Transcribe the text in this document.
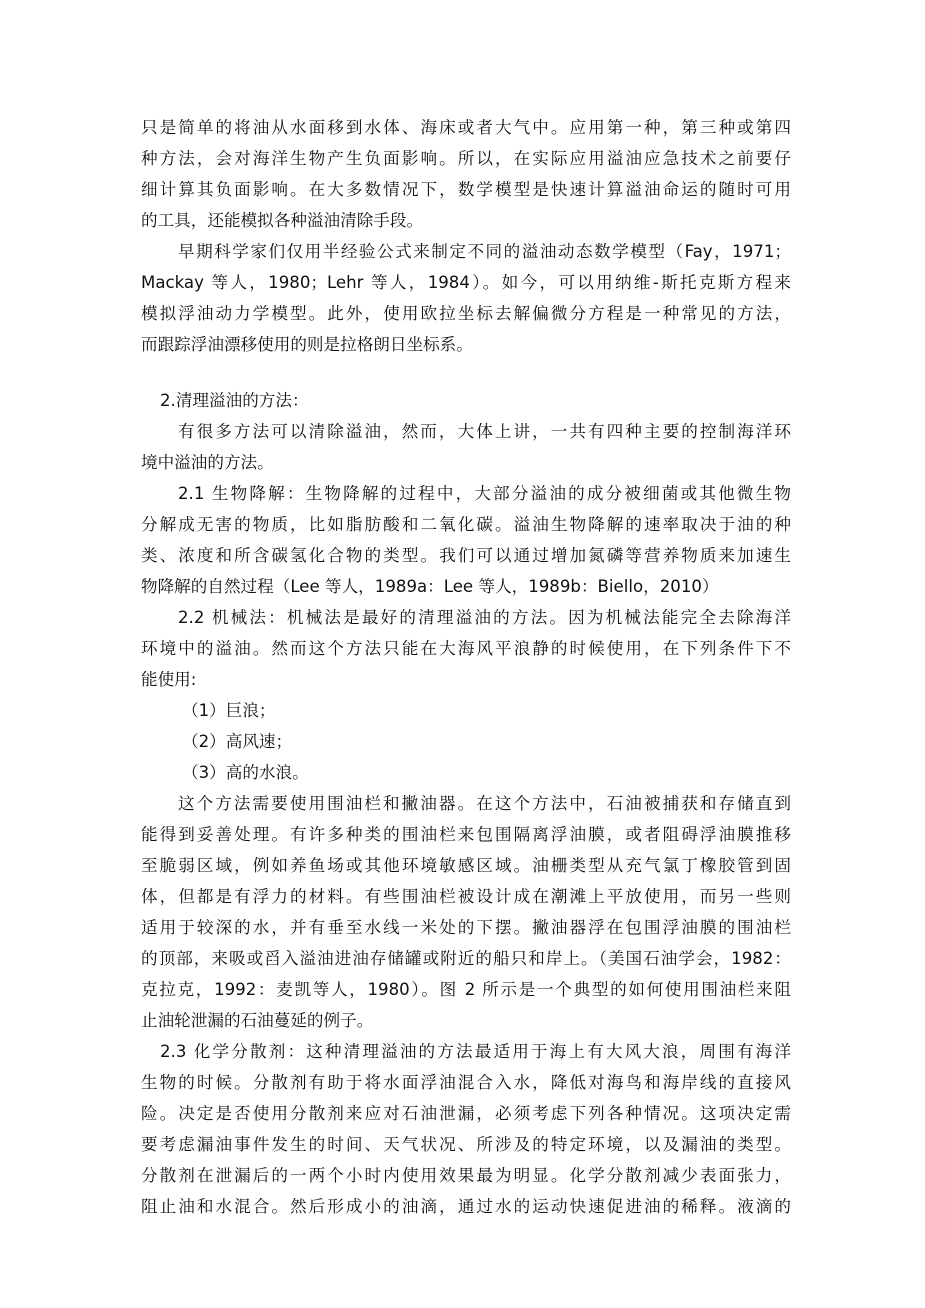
只是简单的将油从水面移到水体、海床或者大气中。应用第一种，第三种或第四
种方法，会对海洋生物产生负面影响。所以，在实际应用溢油应急技术之前要仔
细计算其负面影响。在大多数情况下，数学模型是快速计算溢油命运的随时可用
的工具，还能模拟各种溢油清除手段。
早期科学家们仅用半经验公式来制定不同的溢油动态数学模型（Fay，1971；
Mackay 等人，1980；Lehr 等人，1984）。如今，可以用纳维-斯托克斯方程来
模拟浮油动力学模型。此外，使用欧拉坐标去解偏微分方程是一种常见的方法，
而跟踪浮油漂移使用的则是拉格朗日坐标系。
2.清理溢油的方法：
有很多方法可以清除溢油，然而，大体上讲，一共有四种主要的控制海洋环
境中溢油的方法。
2.1 生物降解：生物降解的过程中，大部分溢油的成分被细菌或其他微生物
分解成无害的物质，比如脂肪酸和二氧化碳。溢油生物降解的速率取决于油的种
类、浓度和所含碳氢化合物的类型。我们可以通过增加氮磷等营养物质来加速生
物降解的自然过程（Lee 等人，1989a：Lee 等人，1989b：Biello，2010）
2.2 机械法：机械法是最好的清理溢油的方法。因为机械法能完全去除海洋
环境中的溢油。然而这个方法只能在大海风平浪静的时候使用，在下列条件下不
能使用:
（1）巨浪；
（2）高风速；
（3）高的水浪。
这个方法需要使用围油栏和撇油器。在这个方法中，石油被捕获和存储直到
能得到妥善处理。有许多种类的围油栏来包围隔离浮油膜，或者阻碍浮油膜推移
至脆弱区域，例如养鱼场或其他环境敏感区域。油栅类型从充气氯丁橡胶管到固
体，但都是有浮力的材料。有些围油栏被设计成在潮滩上平放使用，而另一些则
适用于较深的水，并有垂至水线一米处的下摆。撇油器浮在包围浮油膜的围油栏
的顶部，来吸或舀入溢油进油存储罐或附近的船只和岸上。（美国石油学会，1982：
克拉克，1992：麦凯等人，1980）。图 2 所示是一个典型的如何使用围油栏来阻
止油轮泄漏的石油蔓延的例子。
2.3 化学分散剂：这种清理溢油的方法最适用于海上有大风大浪，周围有海洋
生物的时候。分散剂有助于将水面浮油混合入水，降低对海鸟和海岸线的直接风
险。决定是否使用分散剂来应对石油泄漏，必须考虑下列各种情况。这项决定需
要考虑漏油事件发生的时间、天气状况、所涉及的特定环境，以及漏油的类型。
分散剂在泄漏后的一两个小时内使用效果最为明显。化学分散剂减少表面张力，
阻止油和水混合。然后形成小的油滴，通过水的运动快速促进油的稀释。液滴的
